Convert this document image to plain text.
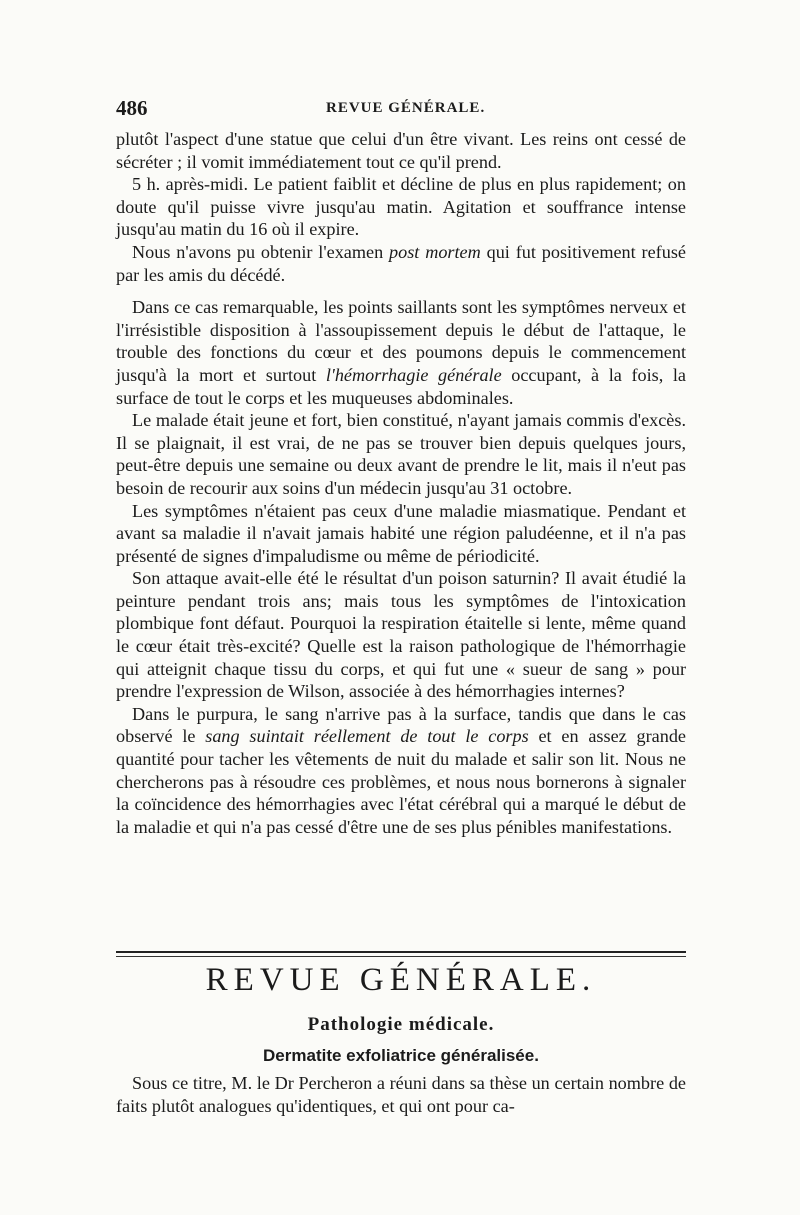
486	REVUE GÉNÉRALE.

plutôt l'aspect d'une statue que celui d'un être vivant. Les reins ont cessé de sécréter ; il vomit immédiatement tout ce qu'il prend.

5 h. après-midi. Le patient faiblit et décline de plus en plus rapidement; on doute qu'il puisse vivre jusqu'au matin. Agitation et souffrance intense jusqu'au matin du 16 où il expire.

Nous n'avons pu obtenir l'examen post mortem qui fut positivement refusé par les amis du décédé.

Dans ce cas remarquable, les points saillants sont les symptômes nerveux et l'irrésistible disposition à l'assoupissement depuis le début de l'attaque, le trouble des fonctions du cœur et des poumons depuis le commencement jusqu'à la mort et surtout l'hémorrhagie générale occupant, à la fois, la surface de tout le corps et les muqueuses abdominales.

Le malade était jeune et fort, bien constitué, n'ayant jamais commis d'excès. Il se plaignait, il est vrai, de ne pas se trouver bien depuis quelques jours, peut-être depuis une semaine ou deux avant de prendre le lit, mais il n'eut pas besoin de recourir aux soins d'un médecin jusqu'au 31 octobre.

Les symptômes n'étaient pas ceux d'une maladie miasmatique. Pendant et avant sa maladie il n'avait jamais habité une région paludéenne, et il n'a pas présenté de signes d'impaludisme ou même de périodicité.

Son attaque avait-elle été le résultat d'un poison saturnin? Il avait étudié la peinture pendant trois ans; mais tous les symptômes de l'intoxication plombique font défaut. Pourquoi la respiration étaitelle si lente, même quand le cœur était très-excité? Quelle est la raison pathologique de l'hémorrhagie qui atteignit chaque tissu du corps, et qui fut une « sueur de sang » pour prendre l'expression de Wilson, associée à des hémorrhagies internes?

Dans le purpura, le sang n'arrive pas à la surface, tandis que dans le cas observé le sang suintait réellement de tout le corps et en assez grande quantité pour tacher les vêtements de nuit du malade et salir son lit. Nous ne chercherons pas à résoudre ces problèmes, et nous nous bornerons à signaler la coïncidence des hémorrhagies avec l'état cérébral qui a marqué le début de la maladie et qui n'a pas cessé d'être une de ses plus pénibles manifestations.

REVUE GÉNÉRALE.
Pathologie médicale.
Dermatite exfoliatrice généralisée.

Sous ce titre, M. le Dr Percheron a réuni dans sa thèse un certain nombre de faits plutôt analogues qu'identiques, et qui ont pour ca-
